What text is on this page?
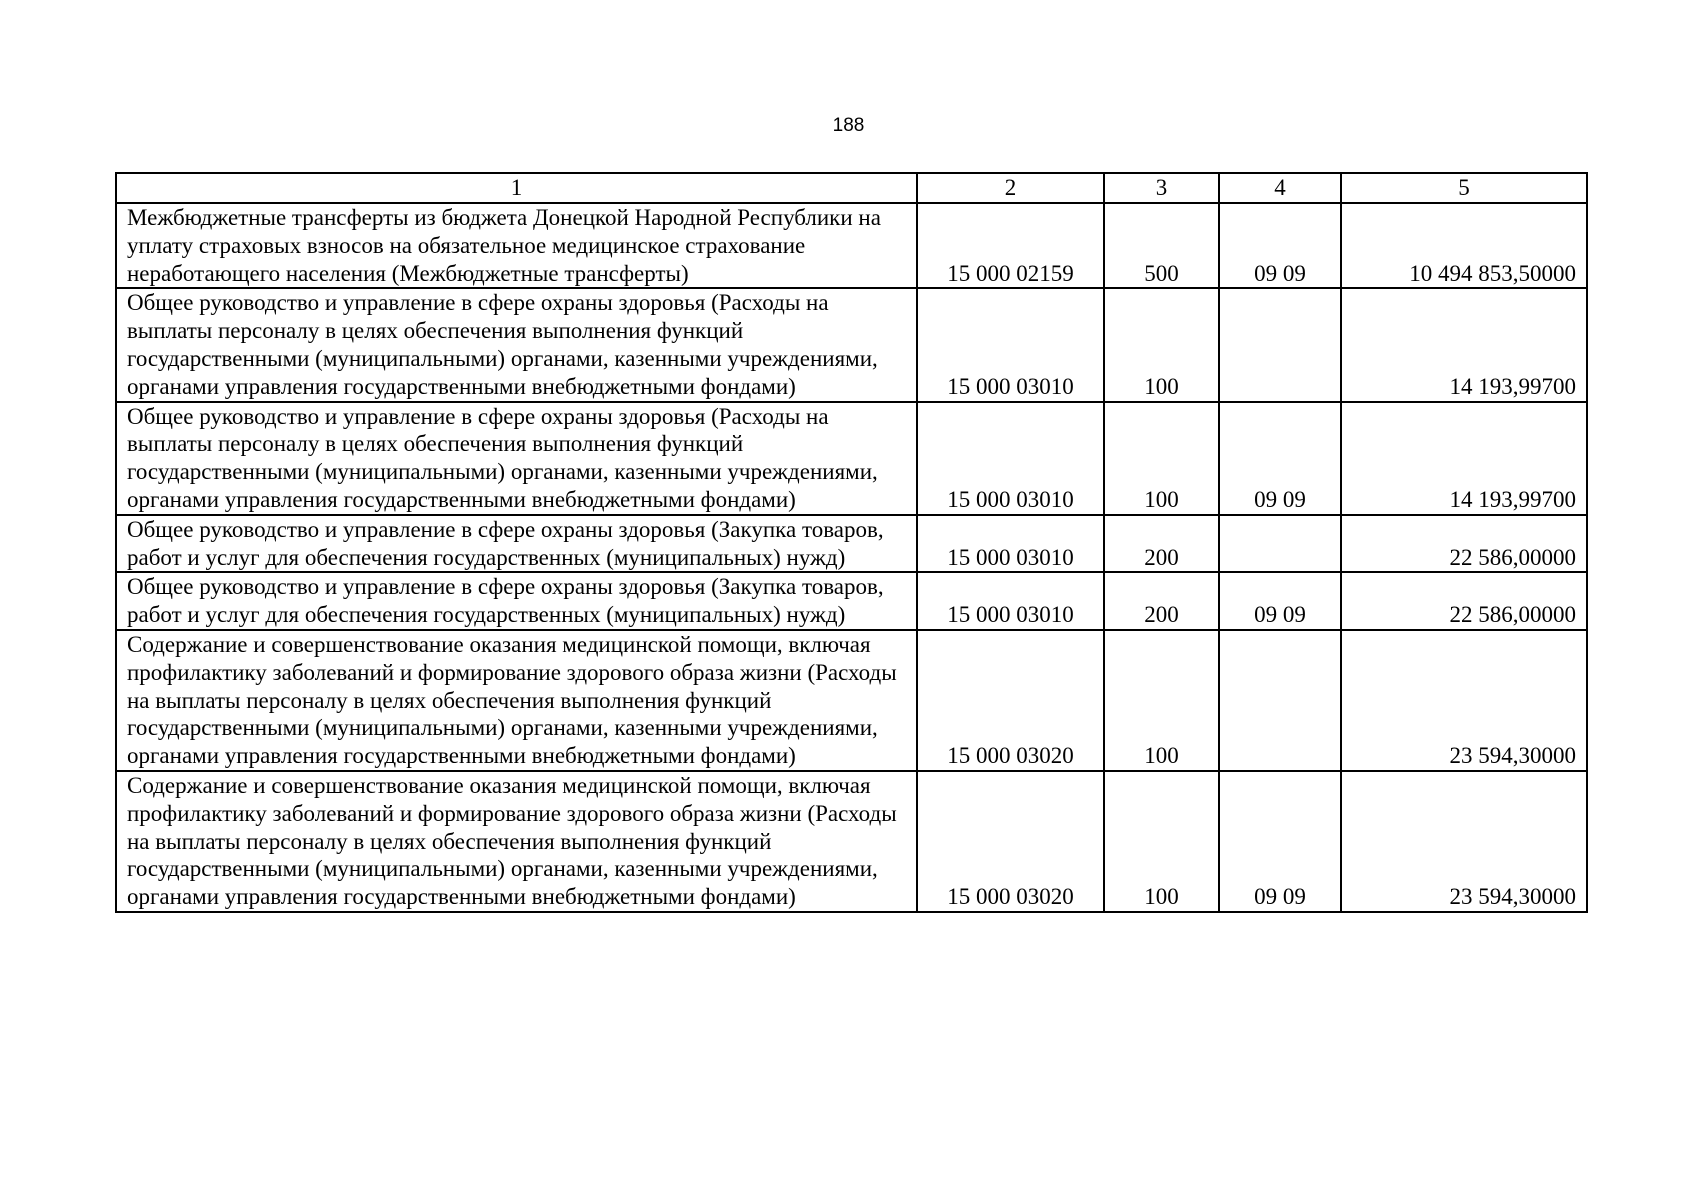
188
1	2	3	4	5
Межбюджетные трансферты из бюджета Донецкой Народной Республики на уплату страховых взносов на обязательное медицинское страхование неработающего населения (Межбюджетные трансферты)	15 000 02159	500	09 09	10 494 853,50000
Общее руководство и управление в сфере охраны здоровья (Расходы на выплаты персоналу в целях обеспечения выполнения функций государственными (муниципальными) органами, казенными учреждениями, органами управления государственными внебюджетными фондами)	15 000 03010	100		14 193,99700
Общее руководство и управление в сфере охраны здоровья (Расходы на выплаты персоналу в целях обеспечения выполнения функций государственными (муниципальными) органами, казенными учреждениями, органами управления государственными внебюджетными фондами)	15 000 03010	100	09 09	14 193,99700
Общее руководство и управление в сфере охраны здоровья (Закупка товаров, работ и услуг для обеспечения государственных (муниципальных) нужд)	15 000 03010	200		22 586,00000
Общее руководство и управление в сфере охраны здоровья (Закупка товаров, работ и услуг для обеспечения государственных (муниципальных) нужд)	15 000 03010	200	09 09	22 586,00000
Содержание и совершенствование оказания медицинской помощи, включая профилактику заболеваний и формирование здорового образа жизни (Расходы на выплаты персоналу в целях обеспечения выполнения функций государственными (муниципальными) органами, казенными учреждениями, органами управления государственными внебюджетными фондами)	15 000 03020	100		23 594,30000
Содержание и совершенствование оказания медицинской помощи, включая профилактику заболеваний и формирование здорового образа жизни (Расходы на выплаты персоналу в целях обеспечения выполнения функций государственными (муниципальными) органами, казенными учреждениями, органами управления государственными внебюджетными фондами)	15 000 03020	100	09 09	23 594,30000
